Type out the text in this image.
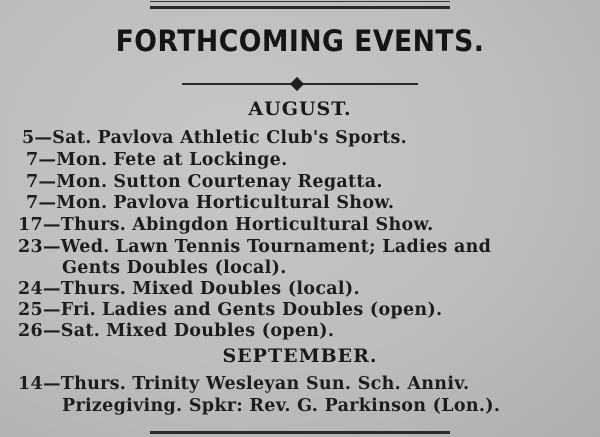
FORTHCOMING EVENTS.
AUGUST.
5—Sat. Pavlova Athletic Club's Sports.
7—Mon. Fete at Lockinge.
7—Mon. Sutton Courtenay Regatta.
7—Mon. Pavlova Horticultural Show.
17—Thurs. Abingdon Horticultural Show.
23—Wed. Lawn Tennis Tournament; Ladies and
Gents Doubles (local).
24—Thurs. Mixed Doubles (local).
25—Fri. Ladies and Gents Doubles (open).
26—Sat. Mixed Doubles (open).
SEPTEMBER.
14—Thurs. Trinity Wesleyan Sun. Sch. Anniv.
Prizegiving. Spkr: Rev. G. Parkinson (Lon.).
